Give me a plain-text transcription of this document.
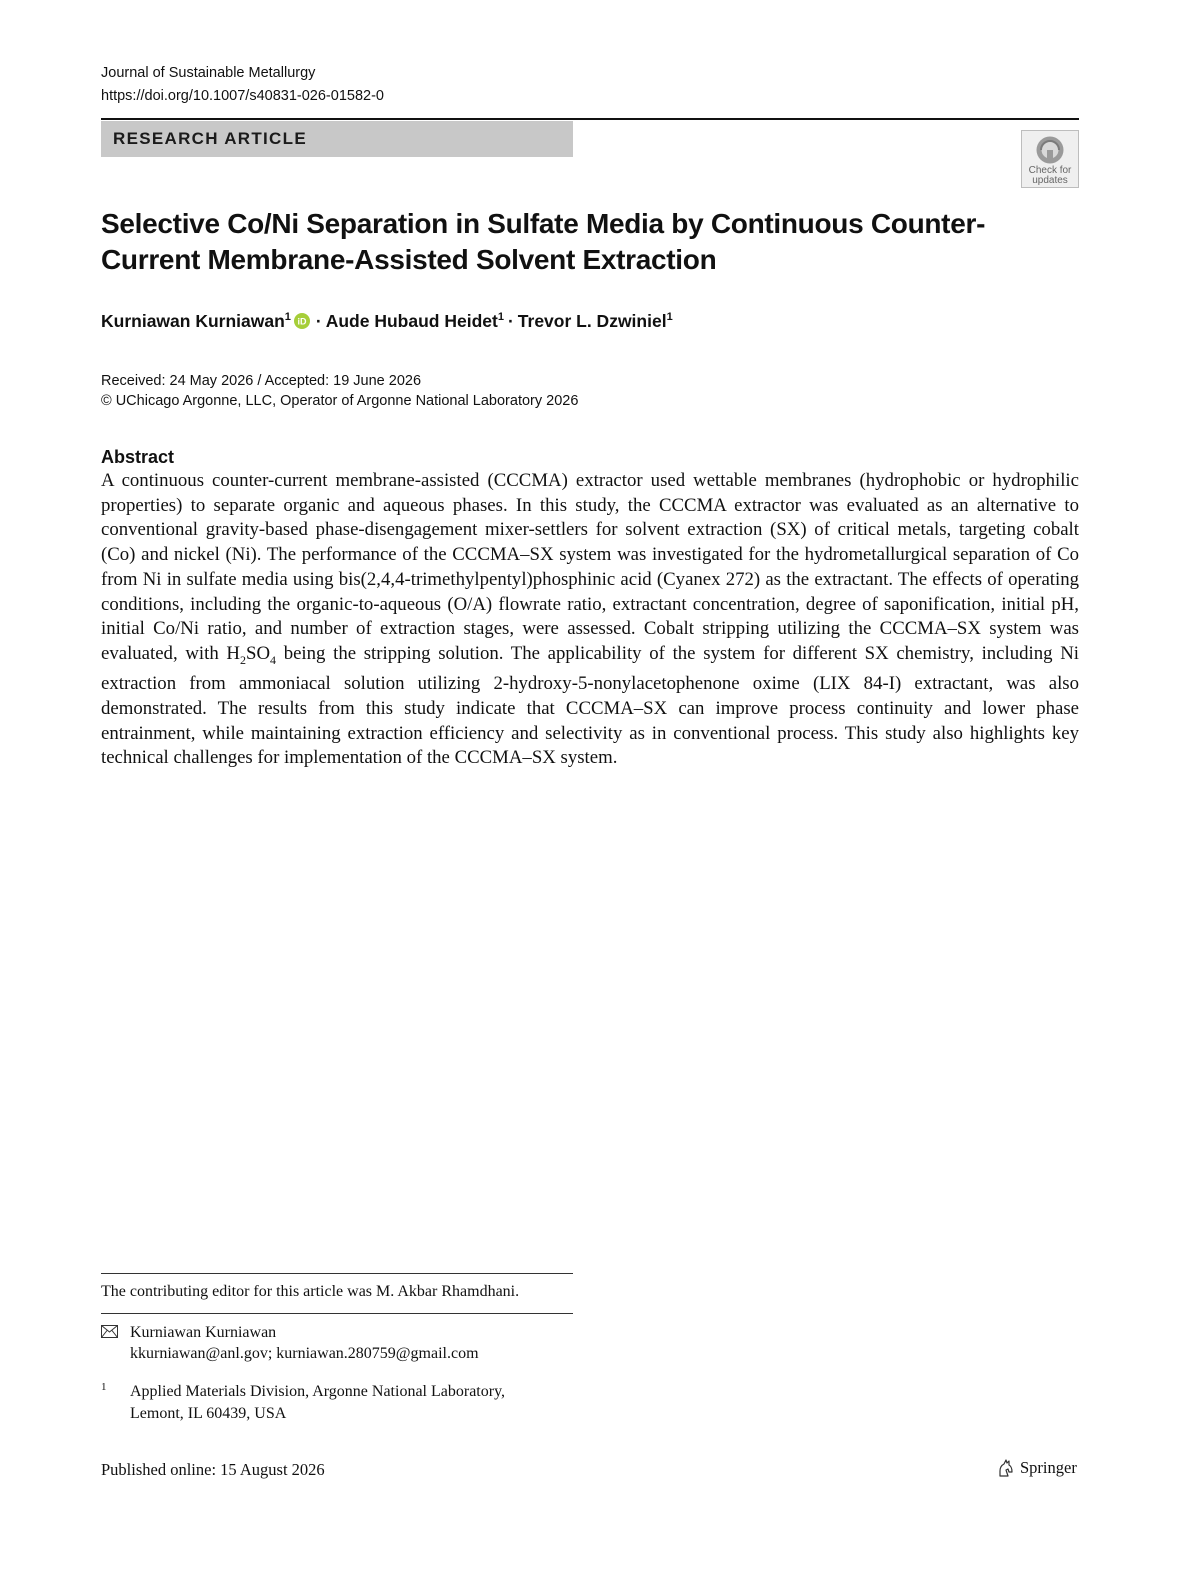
Journal of Sustainable Metallurgy
https://doi.org/10.1007/s40831-026-01582-0
RESEARCH ARTICLE
Check for
updates
Selective Co/Ni Separation in Sulfate Media by Continuous Counter-Current Membrane-Assisted Solvent Extraction
Kurniawan Kurniawan$^1$ iD · Aude Hubaud Heidet$^1$ · Trevor L. Dzwiniel$^1$
Received: 24 May 2026 / Accepted: 19 June 2026
© UChicago Argonne, LLC, Operator of Argonne National Laboratory 2026
Abstract

A continuous counter-current membrane-assisted (CCCMA) extractor used wettable membranes (hydrophobic or hydrophilic properties) to separate organic and aqueous phases. In this study, the CCCMA extractor was evaluated as an alternative to conventional gravity-based phase-disengagement mixer-settlers for solvent extraction (SX) of critical metals, targeting cobalt (Co) and nickel (Ni). The performance of the CCCMA–SX system was investigated for the hydrometallurgical separation of Co from Ni in sulfate media using bis(2,4,4-trimethylpentyl)phosphinic acid (Cyanex 272) as the extractant. The effects of operating conditions, including the organic-to-aqueous (O/A) flowrate ratio, extractant concentration, degree of saponification, initial pH, initial Co/Ni ratio, and number of extraction stages, were assessed. Cobalt stripping utilizing the CCCMA–SX system was evaluated, with $H_2SO_4$ being the stripping solution. The applicability of the system for different SX chemistry, including Ni extraction from ammoniacal solution utilizing 2-hydroxy-5-nonylacetophenone oxime (LIX 84-I) extractant, was also demonstrated. The results from this study indicate that CCCMA–SX can improve process continuity and lower phase entrainment, while maintaining extraction efficiency and selectivity as in conventional process. This study also highlights key technical challenges for implementation of the CCCMA–SX system.

The contributing editor for this article was M. Akbar Rhamdhani.
Kurniawan Kurniawan
kkurniawan@anl.gov; kurniawan.280759@gmail.com
1 Applied Materials Division, Argonne National Laboratory,
Lemont, IL 60439, USA
Published online: 15 August 2026	Springer
